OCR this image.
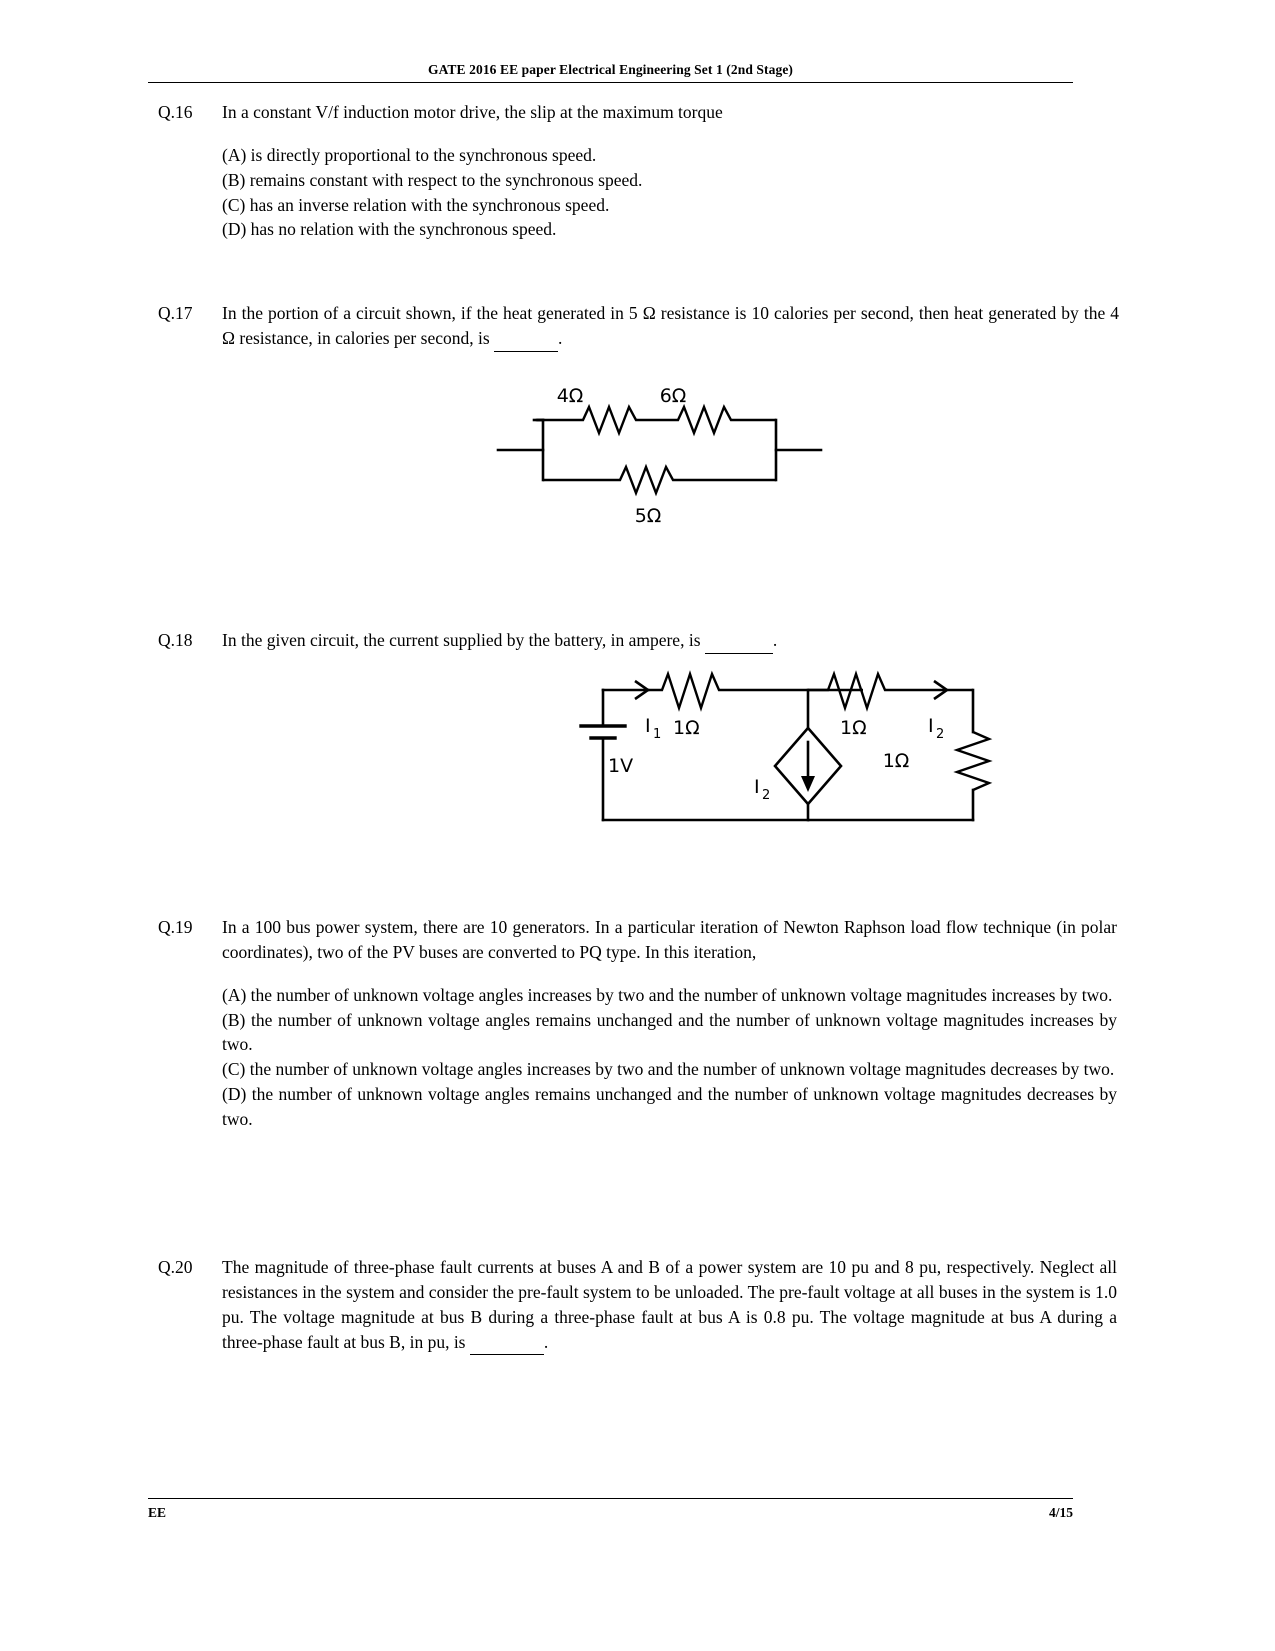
GATE 2016 EE paper Electrical Engineering Set 1 (2nd Stage)
Q.16	In a constant V/f induction motor drive, the slip at the maximum torque
(A) is directly proportional to the synchronous speed.
(B) remains constant with respect to the synchronous speed.
(C) has an inverse relation with the synchronous speed.
(D) has no relation with the synchronous speed.
Q.17	In the portion of a circuit shown, if the heat generated in 5 Ω resistance is 10 calories per second, then heat generated by the 4 Ω resistance, in calories per second, is	.
4Ω	6Ω
5Ω
Q.18	In the given circuit, the current supplied by the battery, in ampere, is	.
1V
I 1 1Ω
I 2
1Ω	I 2
1Ω
Q.19	In a 100 bus power system, there are 10 generators. In a particular iteration of Newton Raphson load flow technique (in polar coordinates), two of the PV buses are converted to PQ type. In this iteration,
(A) the number of unknown voltage angles increases by two and the number of unknown voltage magnitudes increases by two.
(B) the number of unknown voltage angles remains unchanged and the number of unknown voltage magnitudes increases by two.
(C) the number of unknown voltage angles increases by two and the number of unknown voltage magnitudes decreases by two.
(D) the number of unknown voltage angles remains unchanged and the number of unknown voltage magnitudes decreases by two.
Q.20	The magnitude of three-phase fault currents at buses A and B of a power system are 10 pu and 8 pu, respectively. Neglect all resistances in the system and consider the pre-fault system to be unloaded. The pre-fault voltage at all buses in the system is 1.0 pu. The voltage magnitude at bus B during a three-phase fault at bus A is 0.8 pu. The voltage magnitude at bus A during a three-phase fault at bus B, in pu, is	.
EE	4/15
